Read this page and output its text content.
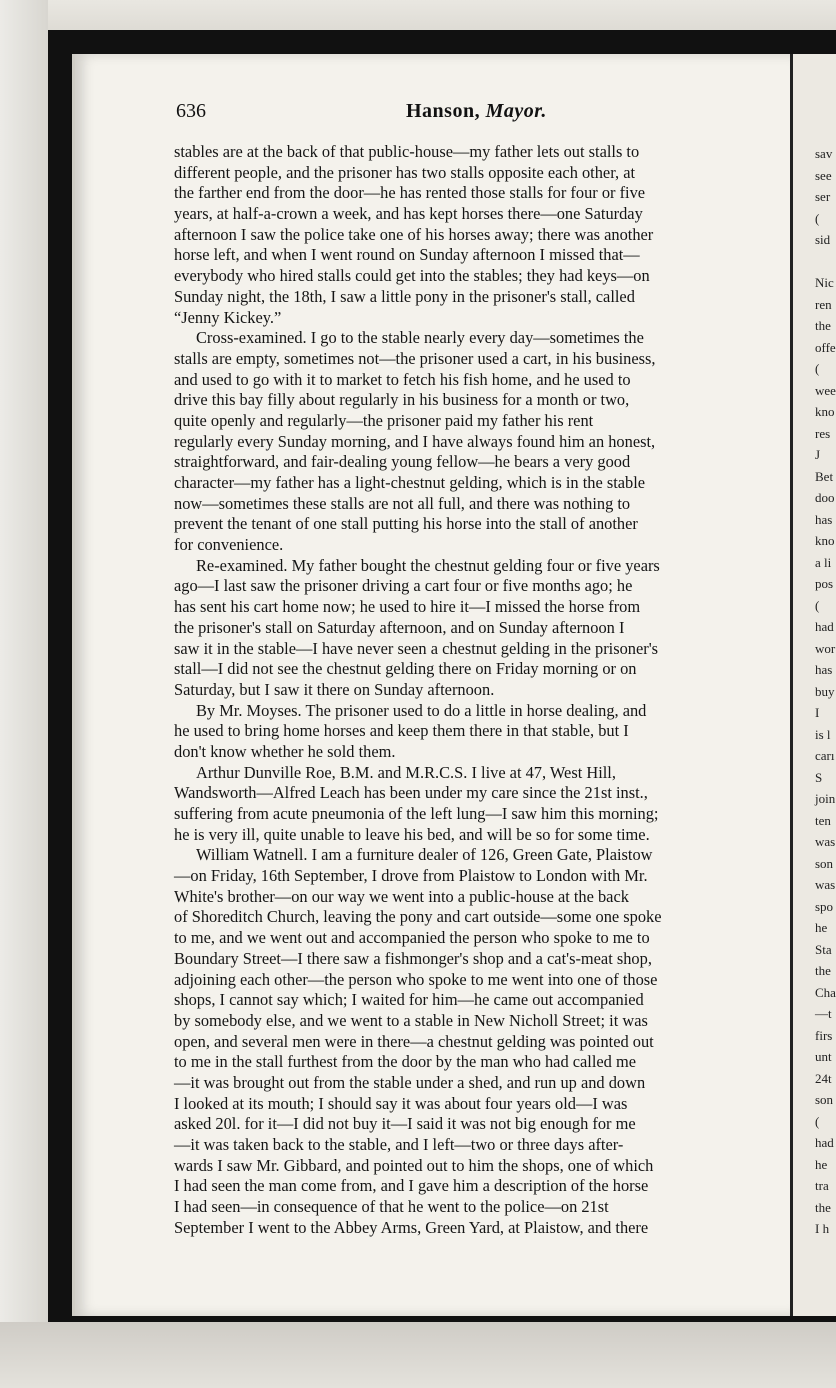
sav
see
ser
(
sid
Nic
ren
the
offe
(
wee
kno
res
J
Bet
doo
has
kno
a li
pos
(
had
wor
has
buy
I
is l
carı
S
join
ten
was
son
was
spo
he
Sta
the
Cha
—t
firs
unt
24t
son
(
had
he
tra
the
I h
636	Hanson, Mayor.
stables are at the back of that public-house—my father lets out stalls to
different people, and the prisoner has two stalls opposite each other, at
the farther end from the door—he has rented those stalls for four or five
years, at half-a-crown a week, and has kept horses there—one Saturday
afternoon I saw the police take one of his horses away; there was another
horse left, and when I went round on Sunday afternoon I missed that—
everybody who hired stalls could get into the stables; they had keys—on
Sunday night, the 18th, I saw a little pony in the prisoner's stall, called
“Jenny Kickey.”
Cross-examined. I go to the stable nearly every day—sometimes the
stalls are empty, sometimes not—the prisoner used a cart, in his business,
and used to go with it to market to fetch his fish home, and he used to
drive this bay filly about regularly in his business for a month or two,
quite openly and regularly—the prisoner paid my father his rent
regularly every Sunday morning, and I have always found him an honest,
straightforward, and fair-dealing young fellow—he bears a very good
character—my father has a light-chestnut gelding, which is in the stable
now—sometimes these stalls are not all full, and there was nothing to
prevent the tenant of one stall putting his horse into the stall of another
for convenience.
Re-examined. My father bought the chestnut gelding four or five years
ago—I last saw the prisoner driving a cart four or five months ago; he
has sent his cart home now; he used to hire it—I missed the horse from
the prisoner's stall on Saturday afternoon, and on Sunday afternoon I
saw it in the stable—I have never seen a chestnut gelding in the prisoner's
stall—I did not see the chestnut gelding there on Friday morning or on
Saturday, but I saw it there on Sunday afternoon.
By Mr. Moyses. The prisoner used to do a little in horse dealing, and
he used to bring home horses and keep them there in that stable, but I
don't know whether he sold them.
Arthur Dunville Roe, B.M. and M.R.C.S. I live at 47, West Hill,
Wandsworth—Alfred Leach has been under my care since the 21st inst.,
suffering from acute pneumonia of the left lung—I saw him this morning;
he is very ill, quite unable to leave his bed, and will be so for some time.
William Watnell. I am a furniture dealer of 126, Green Gate, Plaistow
—on Friday, 16th September, I drove from Plaistow to London with Mr.
White's brother—on our way we went into a public-house at the back
of Shoreditch Church, leaving the pony and cart outside—some one spoke
to me, and we went out and accompanied the person who spoke to me to
Boundary Street—I there saw a fishmonger's shop and a cat's-meat shop,
adjoining each other—the person who spoke to me went into one of those
shops, I cannot say which; I waited for him—he came out accompanied
by somebody else, and we went to a stable in New Nicholl Street; it was
open, and several men were in there—a chestnut gelding was pointed out
to me in the stall furthest from the door by the man who had called me
—it was brought out from the stable under a shed, and run up and down
I looked at its mouth; I should say it was about four years old—I was
asked 20l. for it—I did not buy it—I said it was not big enough for me
—it was taken back to the stable, and I left—two or three days after-
wards I saw Mr. Gibbard, and pointed out to him the shops, one of which
I had seen the man come from, and I gave him a description of the horse
I had seen—in consequence of that he went to the police—on 21st
September I went to the Abbey Arms, Green Yard, at Plaistow, and there
